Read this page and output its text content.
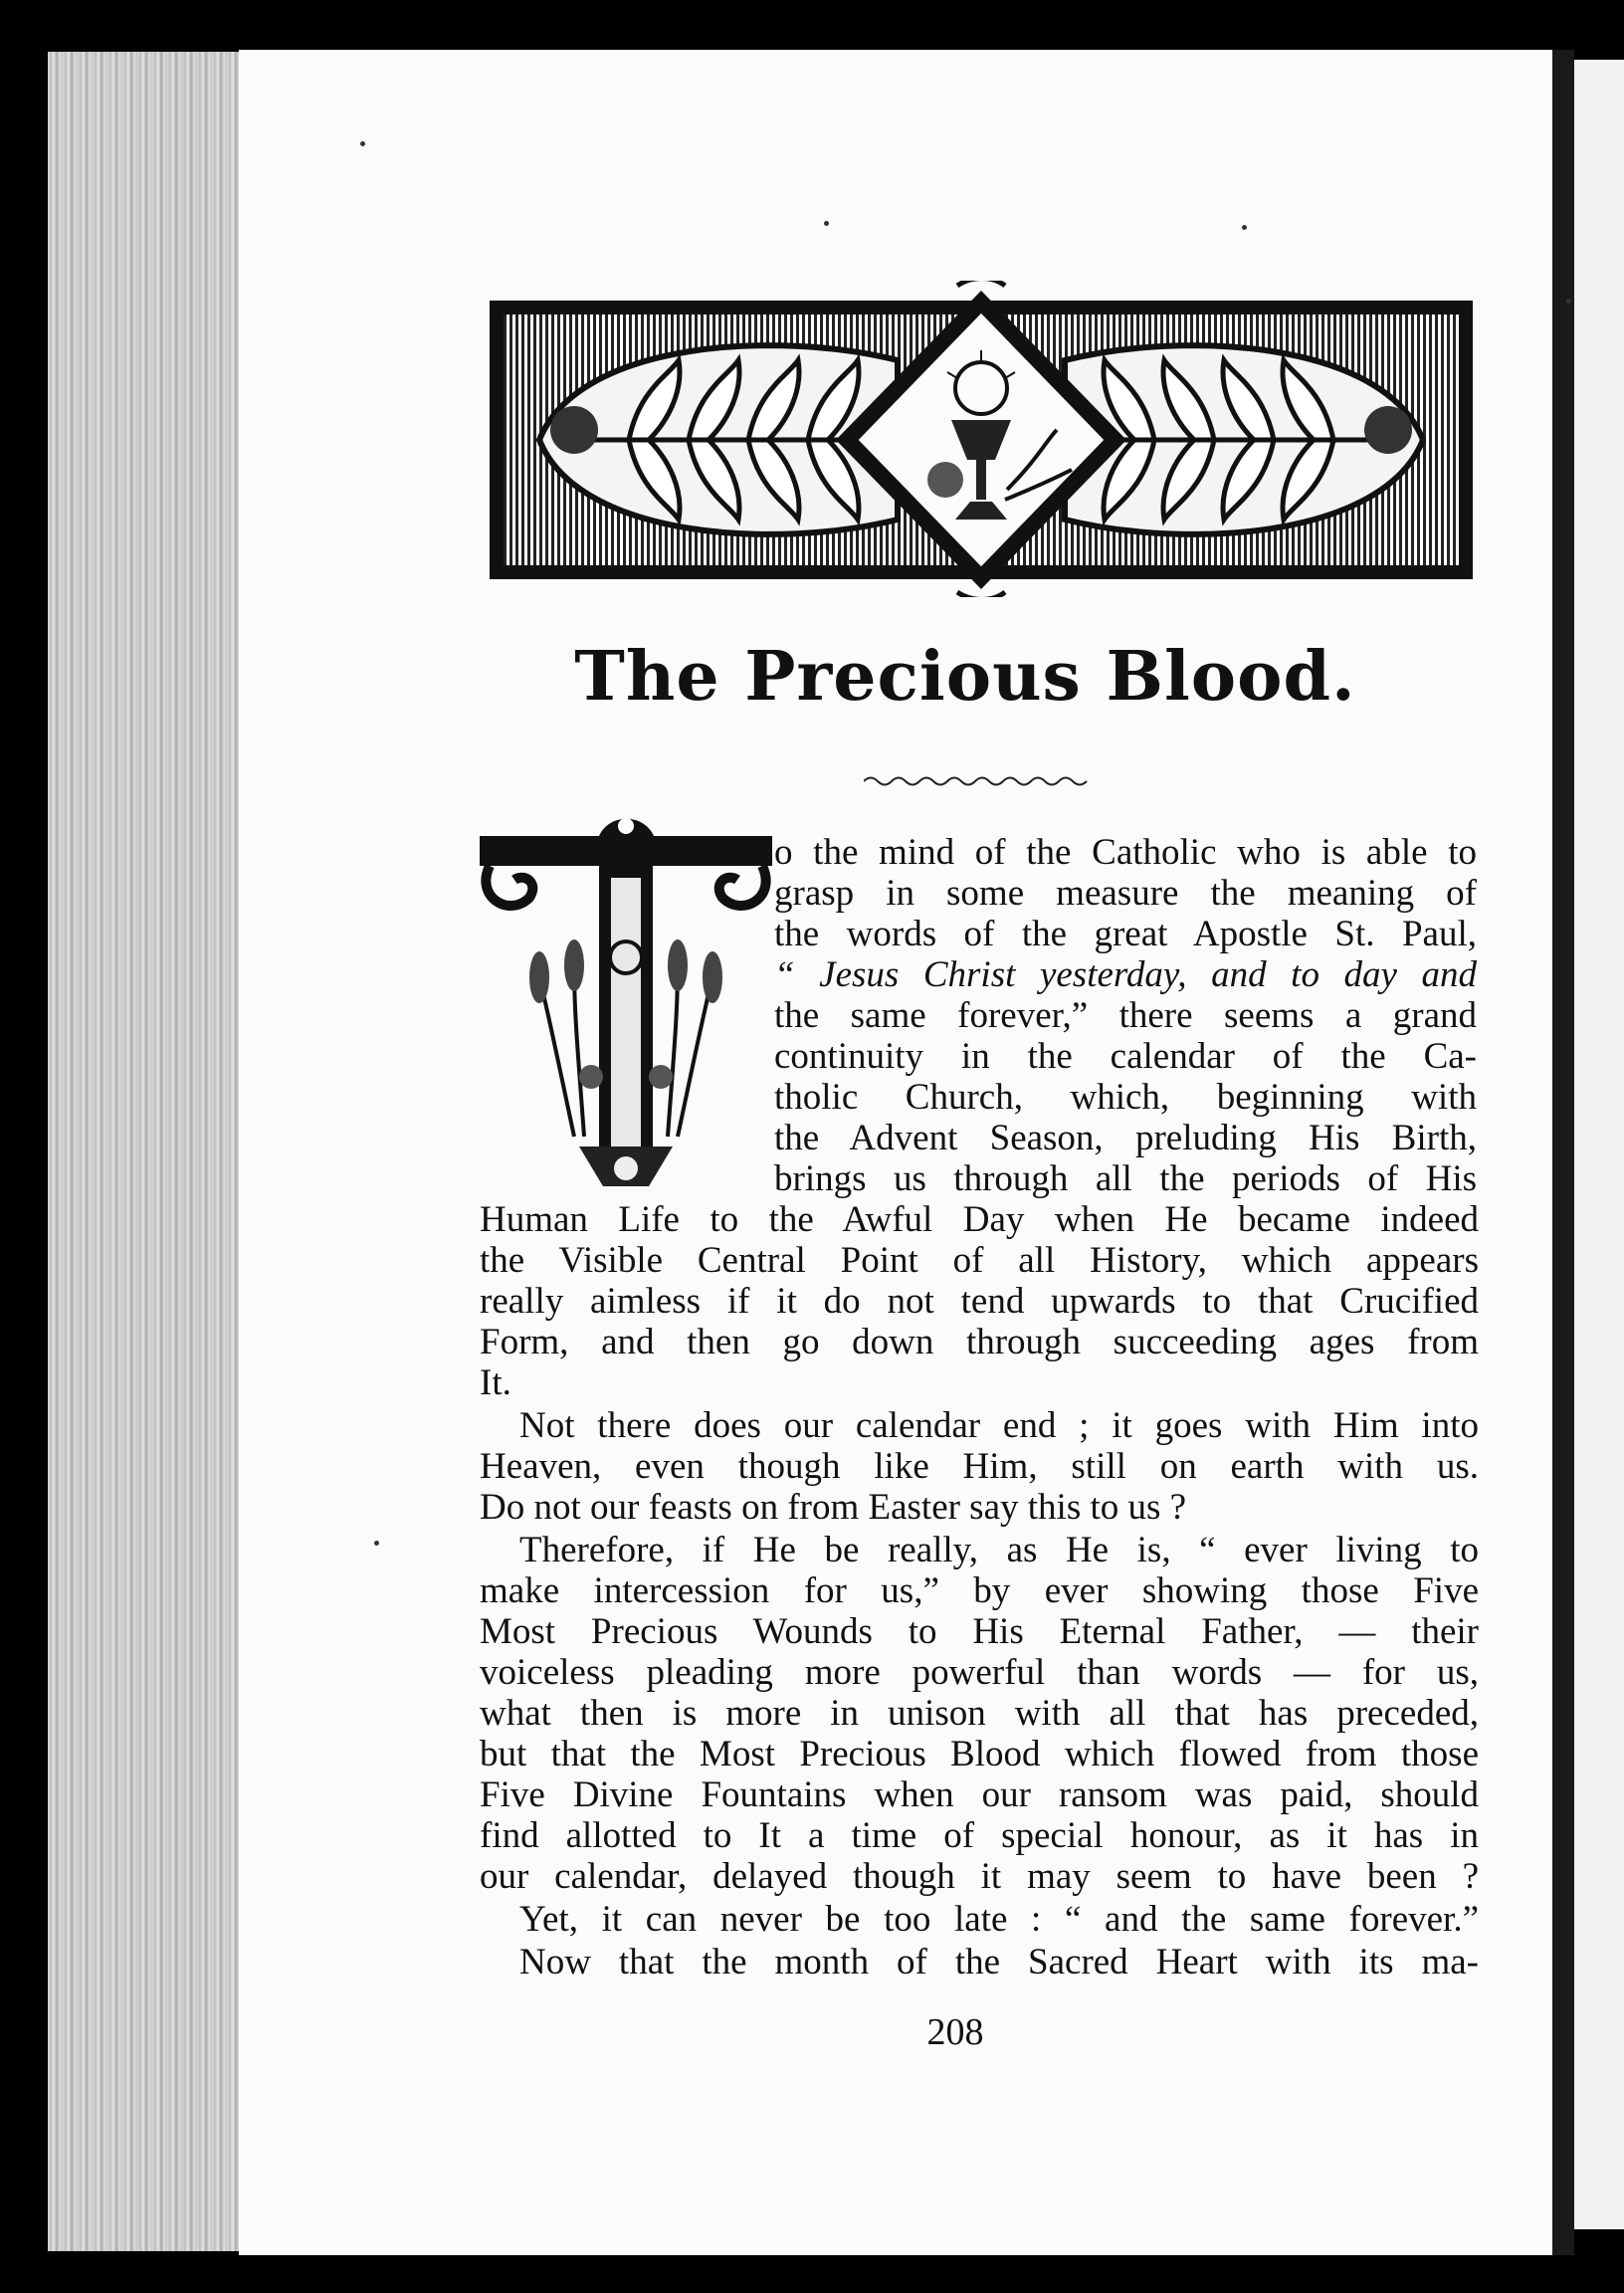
The Precious Blood.
o the mind of the Catholic who is able to
grasp in some measure the meaning of
the words of the great Apostle St. Paul,
“ Jesus Christ yesterday, and to day and
the same forever,” there seems a grand
continuity in the calendar of the Ca-
tholic Church, which, beginning with
the Advent Season, preluding His Birth,
brings us through all the periods of His
Human Life to the Awful Day when He became indeed
the Visible Central Point of all History, which appears
really aimless if it do not tend upwards to that Crucified
Form, and then go down through succeeding ages from
It.
Not there does our calendar end ; it goes with Him into
Heaven, even though like Him, still on earth with us.
Do not our feasts on from Easter say this to us ?
Therefore, if He be really, as He is, “ ever living to
make intercession for us,” by ever showing those Five
Most Precious Wounds to His Eternal Father, — their
voiceless pleading more powerful than words — for us,
what then is more in unison with all that has preceded,
but that the Most Precious Blood which flowed from those
Five Divine Fountains when our ransom was paid, should
find allotted to It a time of special honour, as it has in
our calendar, delayed though it may seem to have been ?
Yet, it can never be too late : “ and the same forever.”
Now that the month of the Sacred Heart with its ma-
208
